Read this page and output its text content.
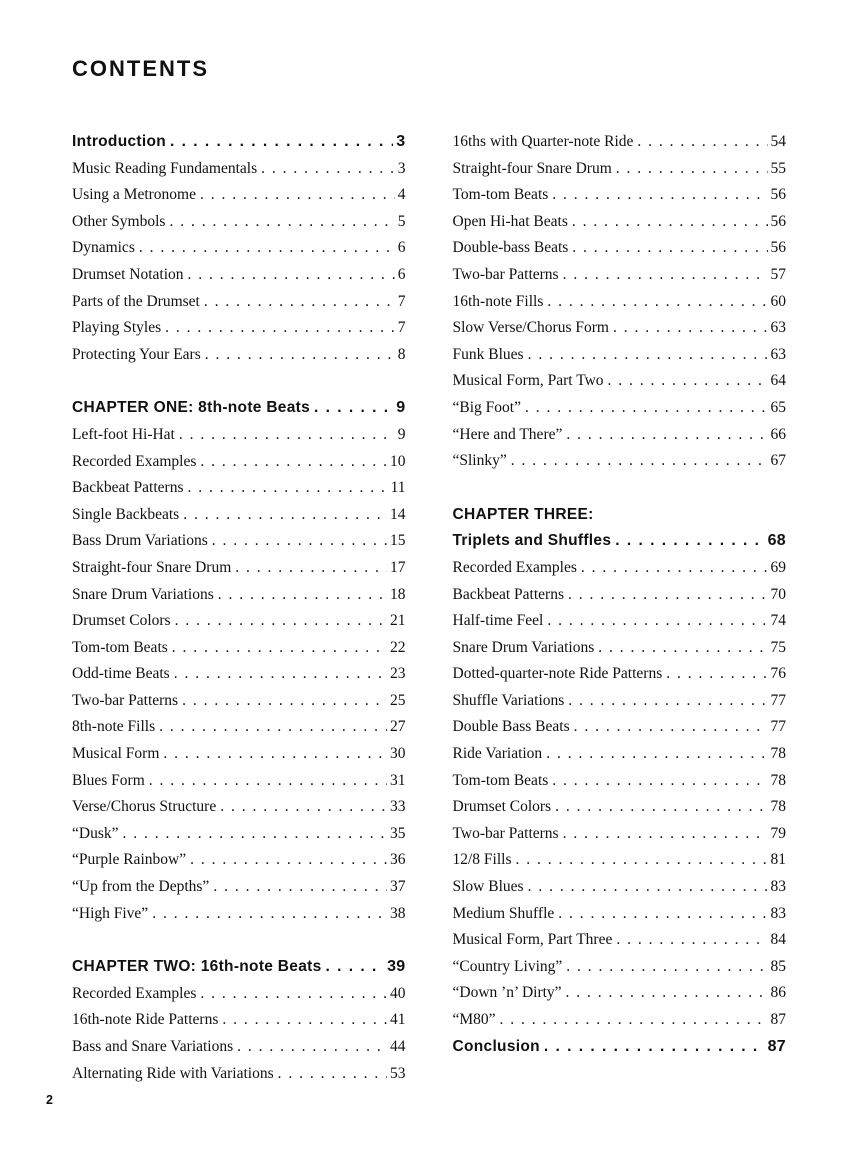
CONTENTS
Introduction . . .	3
Music Reading Fundamentals . . .	3
Using a Metronome . . .	4
Other Symbols . . .	5
Dynamics . . .	6
Drumset Notation . . .	6
Parts of the Drumset . . .	7
Playing Styles . . .	7
Protecting Your Ears . . .	8
CHAPTER ONE: 8th-note Beats . . .	9
Left-foot Hi-Hat . . .	9
Recorded Examples . . .	10
Backbeat Patterns . . .	11
Single Backbeats . . .	14
Bass Drum Variations . . .	15
Straight-four Snare Drum . . .	17
Snare Drum Variations . . .	18
Drumset Colors . . .	21
Tom-tom Beats . . .	22
Odd-time Beats . . .	23
Two-bar Patterns . . .	25
8th-note Fills . . .	27
Musical Form . . .	30
Blues Form . . .	31
Verse/Chorus Structure . . .	33
“Dusk” . . .	35
“Purple Rainbow” . . .	36
“Up from the Depths” . . .	37
“High Five” . . .	38
CHAPTER TWO: 16th-note Beats . . .	39
Recorded Examples . . .	40
16th-note Ride Patterns . . .	41
Bass and Snare Variations . . .	44
Alternating Ride with Variations . . .	53
16ths with Quarter-note Ride . . .	54
Straight-four Snare Drum . . .	55
Tom-tom Beats . . .	56
Open Hi-hat Beats . . .	56
Double-bass Beats . . .	56
Two-bar Patterns . . .	57
16th-note Fills . . .	60
Slow Verse/Chorus Form . . .	63
Funk Blues . . .	63
Musical Form, Part Two . . .	64
“Big Foot” . . .	65
“Here and There” . . .	66
“Slinky” . . .	67
CHAPTER THREE:
Triplets and Shuffles . . .	68
Recorded Examples . . .	69
Backbeat Patterns . . .	70
Half-time Feel . . .	74
Snare Drum Variations . . .	75
Dotted-quarter-note Ride Patterns . . .	76
Shuffle Variations . . .	77
Double Bass Beats . . .	77
Ride Variation . . .	78
Tom-tom Beats . . .	78
Drumset Colors . . .	78
Two-bar Patterns . . .	79
12/8 Fills . . .	81
Slow Blues . . .	83
Medium Shuffle . . .	83
Musical Form, Part Three . . .	84
“Country Living” . . .	85
“Down ’n’ Dirty” . . .	86
“M80” . . .	87
Conclusion . . .	87
2
